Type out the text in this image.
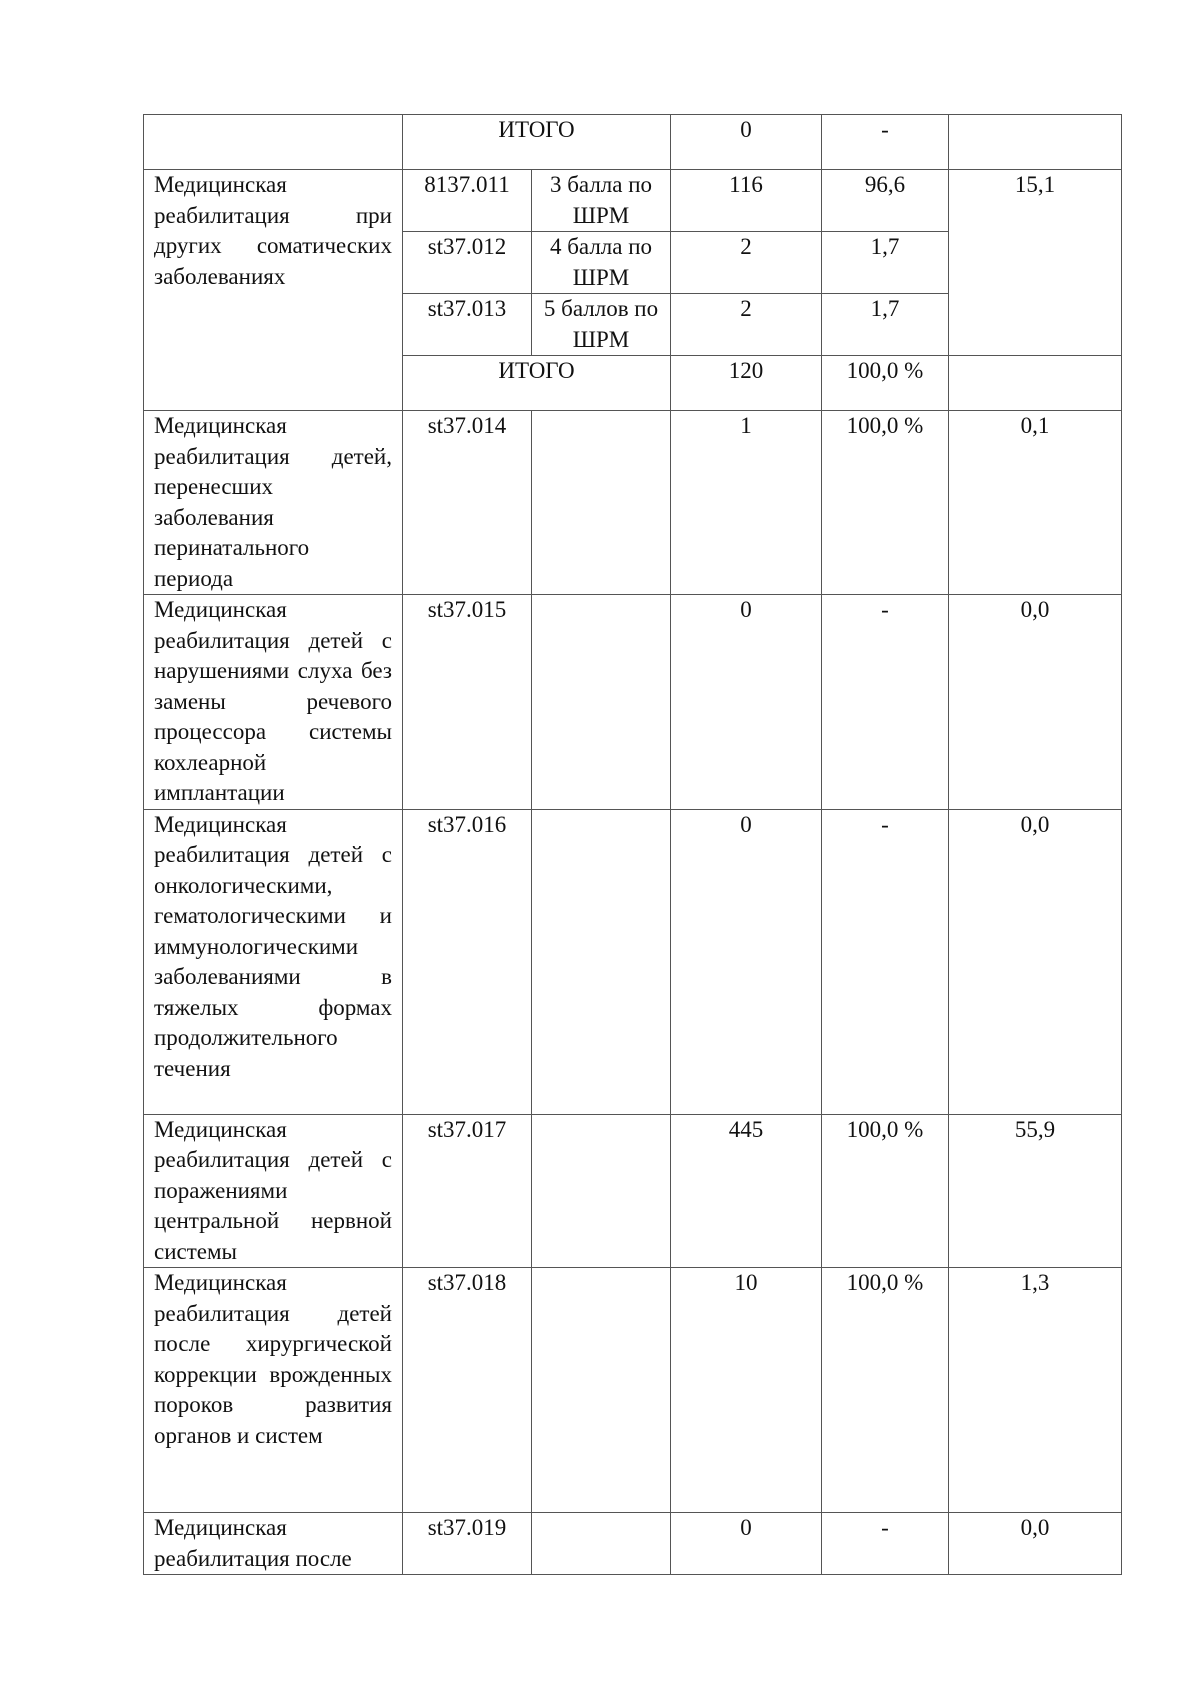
	ИТОГО		0	-	
Медицинская реабилитация при других соматических заболеваниях	8137.011	3 балла по ШРМ	116	96,6	15,1
	st37.012	4 балла по ШРМ	2	1,7	
	st37.013	5 баллов по ШРМ	2	1,7	
	ИТОГО		120	100,0 %	
Медицинская реабилитация детей, перенесших заболевания перинатального периода	st37.014		1	100,0 %	0,1
Медицинская реабилитация детей с нарушениями слуха без замены речевого процессора системы кохлеарной имплантации	st37.015		0	-	0,0
Медицинская реабилитация детей с онкологическими, гематологическими и иммунологическими заболеваниями в тяжелых формах продолжительного течения	st37.016		0	-	0,0
Медицинская реабилитация детей с поражениями центральной нервной системы	st37.017		445	100,0 %	55,9
Медицинская реабилитация детей после хирургической коррекции врожденных пороков развития органов и систем	st37.018		10	100,0 %	1,3
Медицинская реабилитация после	st37.019		0	-	0,0
